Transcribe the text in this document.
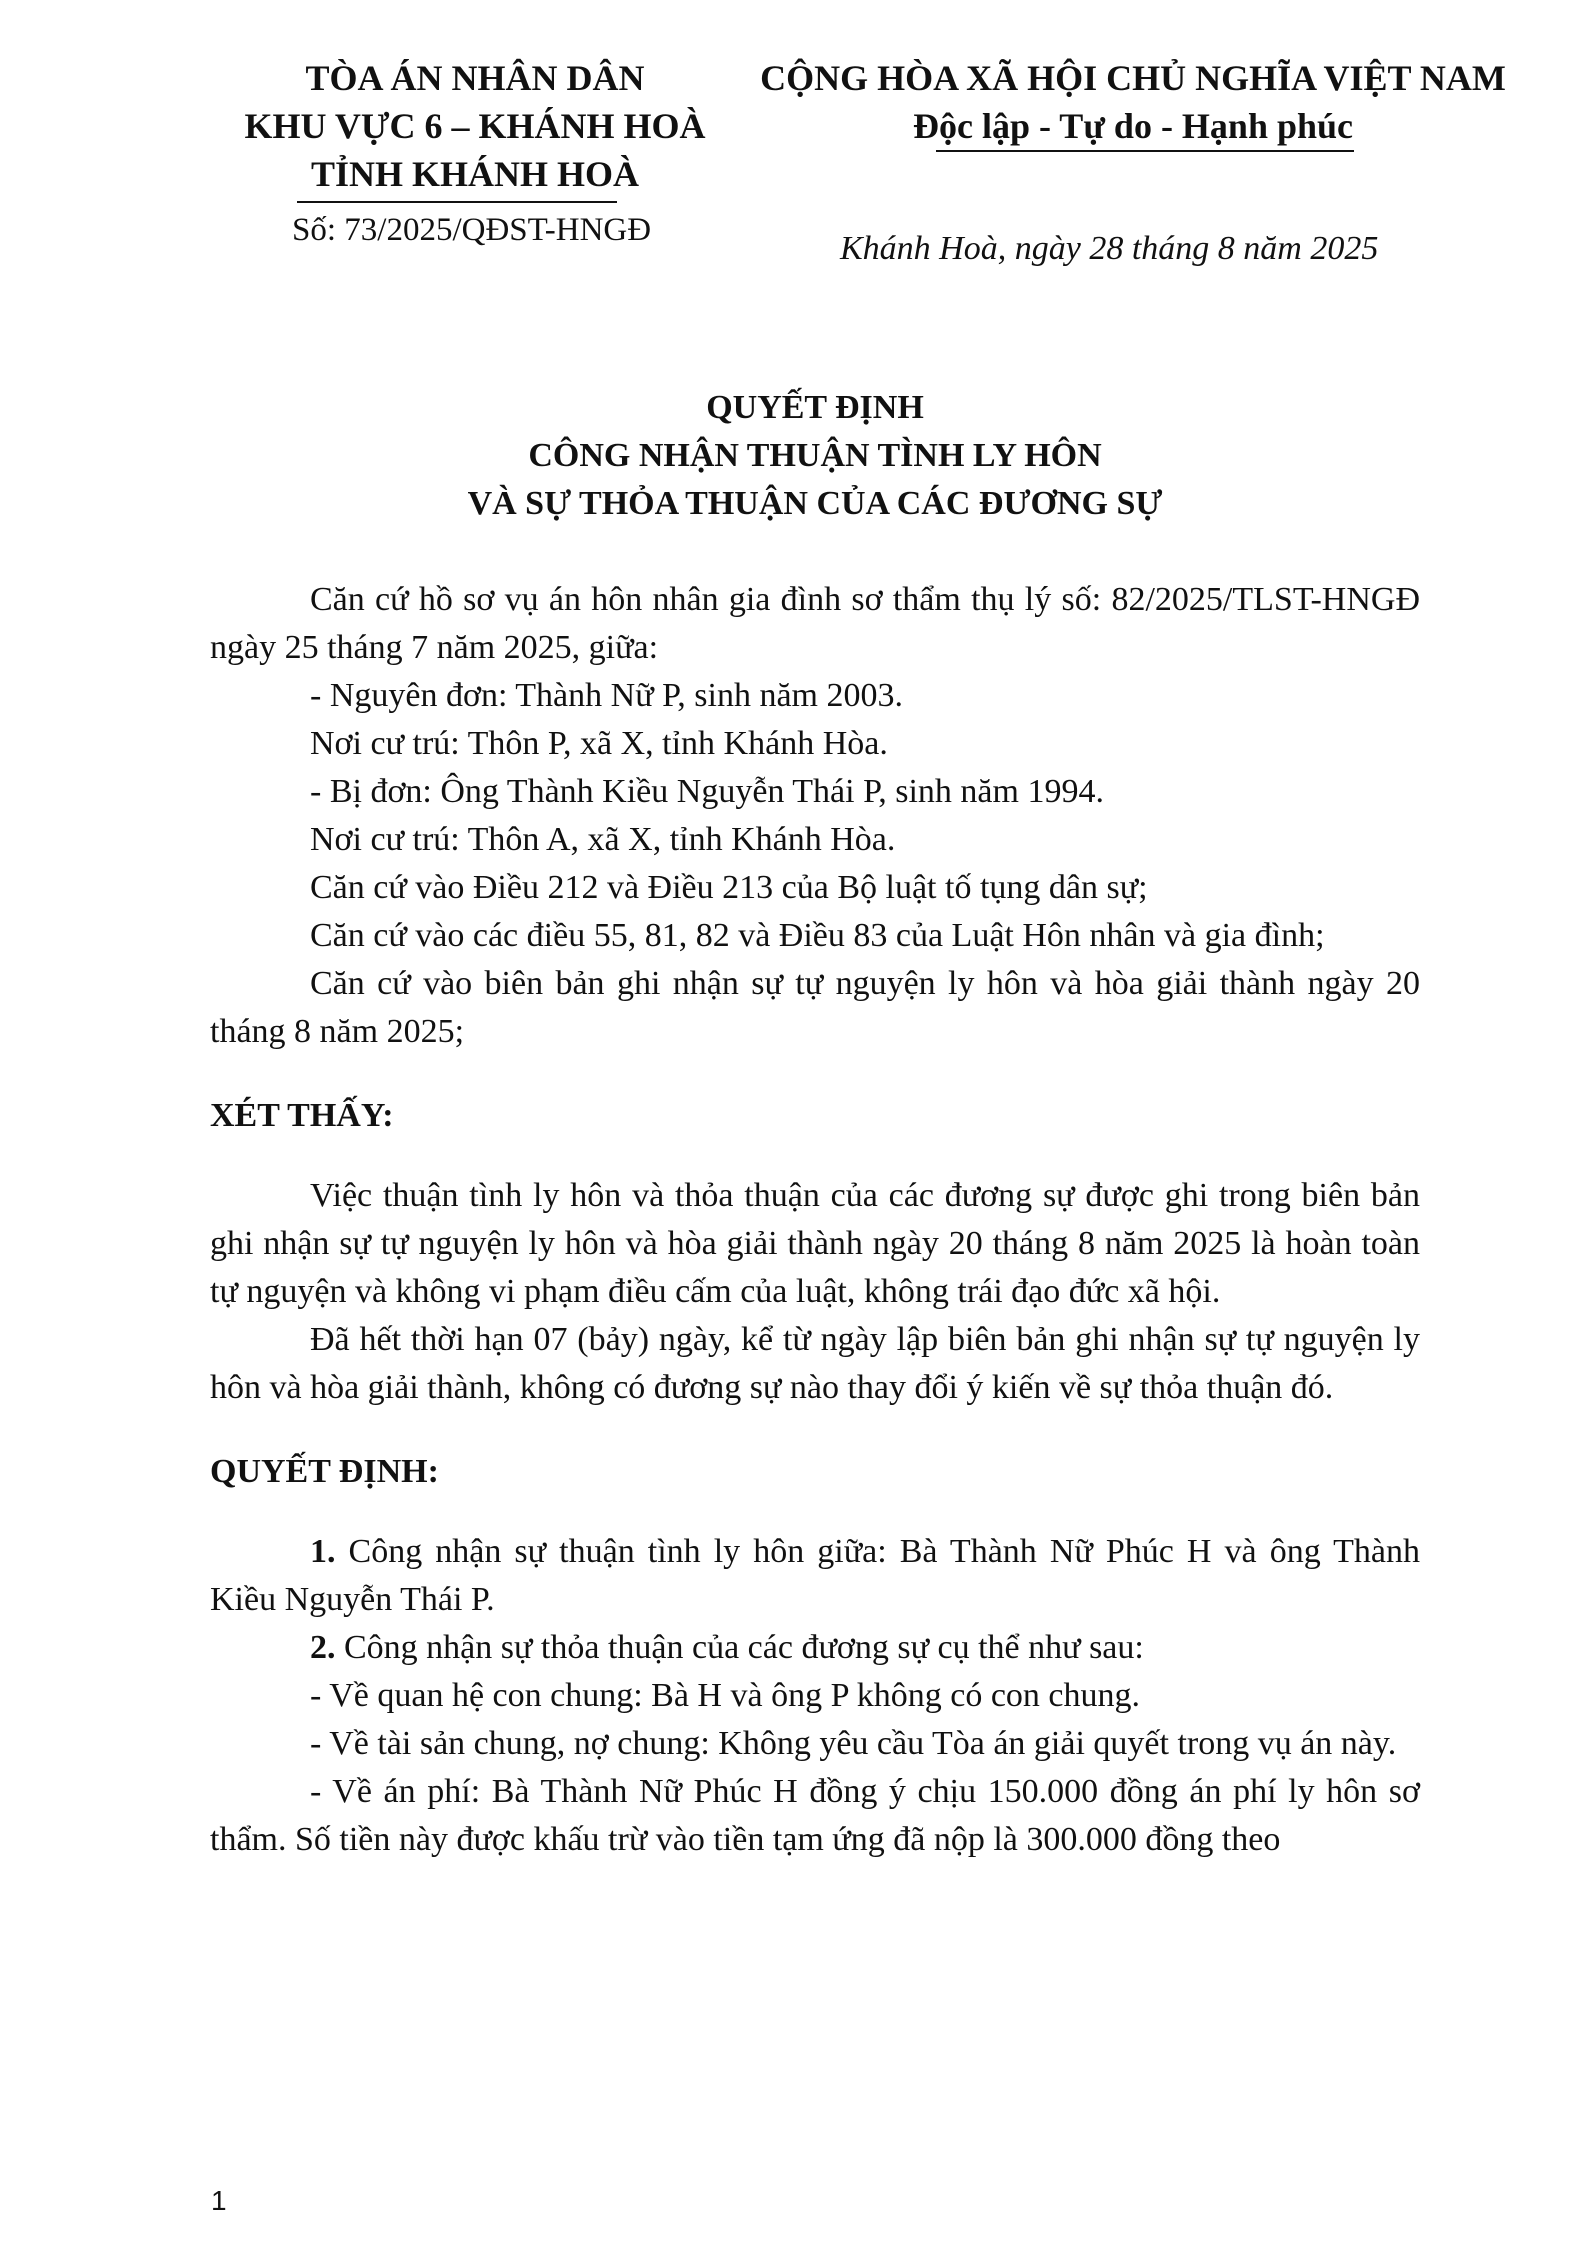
TÒA ÁN NHÂN DÂN
KHU VỰC 6 – KHÁNH HOÀ
TỈNH KHÁNH HOÀ
Số: 73/2025/QĐST-HNGĐ
CỘNG HÒA XÃ HỘI CHỦ NGHĨA VIỆT NAM
Độc lập - Tự do - Hạnh phúc
Khánh Hoà, ngày 28 tháng 8 năm 2025
QUYẾT ĐỊNH
CÔNG NHẬN THUẬN TÌNH LY HÔN
VÀ SỰ THỎA THUẬN CỦA CÁC ĐƯƠNG SỰ

Căn cứ hồ sơ vụ án hôn nhân gia đình sơ thẩm thụ lý số: 82/2025/TLST-HNGĐ ngày 25 tháng 7 năm 2025, giữa:

- Nguyên đơn: Thành Nữ P, sinh năm 2003.

Nơi cư trú: Thôn P, xã X, tỉnh Khánh Hòa.

- Bị đơn: Ông Thành Kiều Nguyễn Thái P, sinh năm 1994.

Nơi cư trú: Thôn A, xã X, tỉnh Khánh Hòa.

Căn cứ vào Điều 212 và Điều 213 của Bộ luật tố tụng dân sự;

Căn cứ vào các điều 55, 81, 82 và Điều 83 của Luật Hôn nhân và gia đình;

Căn cứ vào biên bản ghi nhận sự tự nguyện ly hôn và hòa giải thành ngày 20 tháng 8 năm 2025;

XÉT THẤY:

Việc thuận tình ly hôn và thỏa thuận của các đương sự được ghi trong biên bản ghi nhận sự tự nguyện ly hôn và hòa giải thành ngày 20 tháng 8 năm 2025 là hoàn toàn tự nguyện và không vi phạm điều cấm của luật, không trái đạo đức xã hội.

Đã hết thời hạn 07 (bảy) ngày, kể từ ngày lập biên bản ghi nhận sự tự nguyện ly hôn và hòa giải thành, không có đương sự nào thay đổi ý kiến về sự thỏa thuận đó.

QUYẾT ĐỊNH:

1. Công nhận sự thuận tình ly hôn giữa: Bà Thành Nữ Phúc H và ông Thành Kiều Nguyễn Thái P.

2. Công nhận sự thỏa thuận của các đương sự cụ thể như sau:

- Về quan hệ con chung: Bà H và ông P không có con chung.

- Về tài sản chung, nợ chung: Không yêu cầu Tòa án giải quyết trong vụ án này.

- Về án phí: Bà Thành Nữ Phúc H đồng ý chịu 150.000 đồng án phí ly hôn sơ thẩm. Số tiền này được khấu trừ vào tiền tạm ứng đã nộp là 300.000 đồng theo

1
